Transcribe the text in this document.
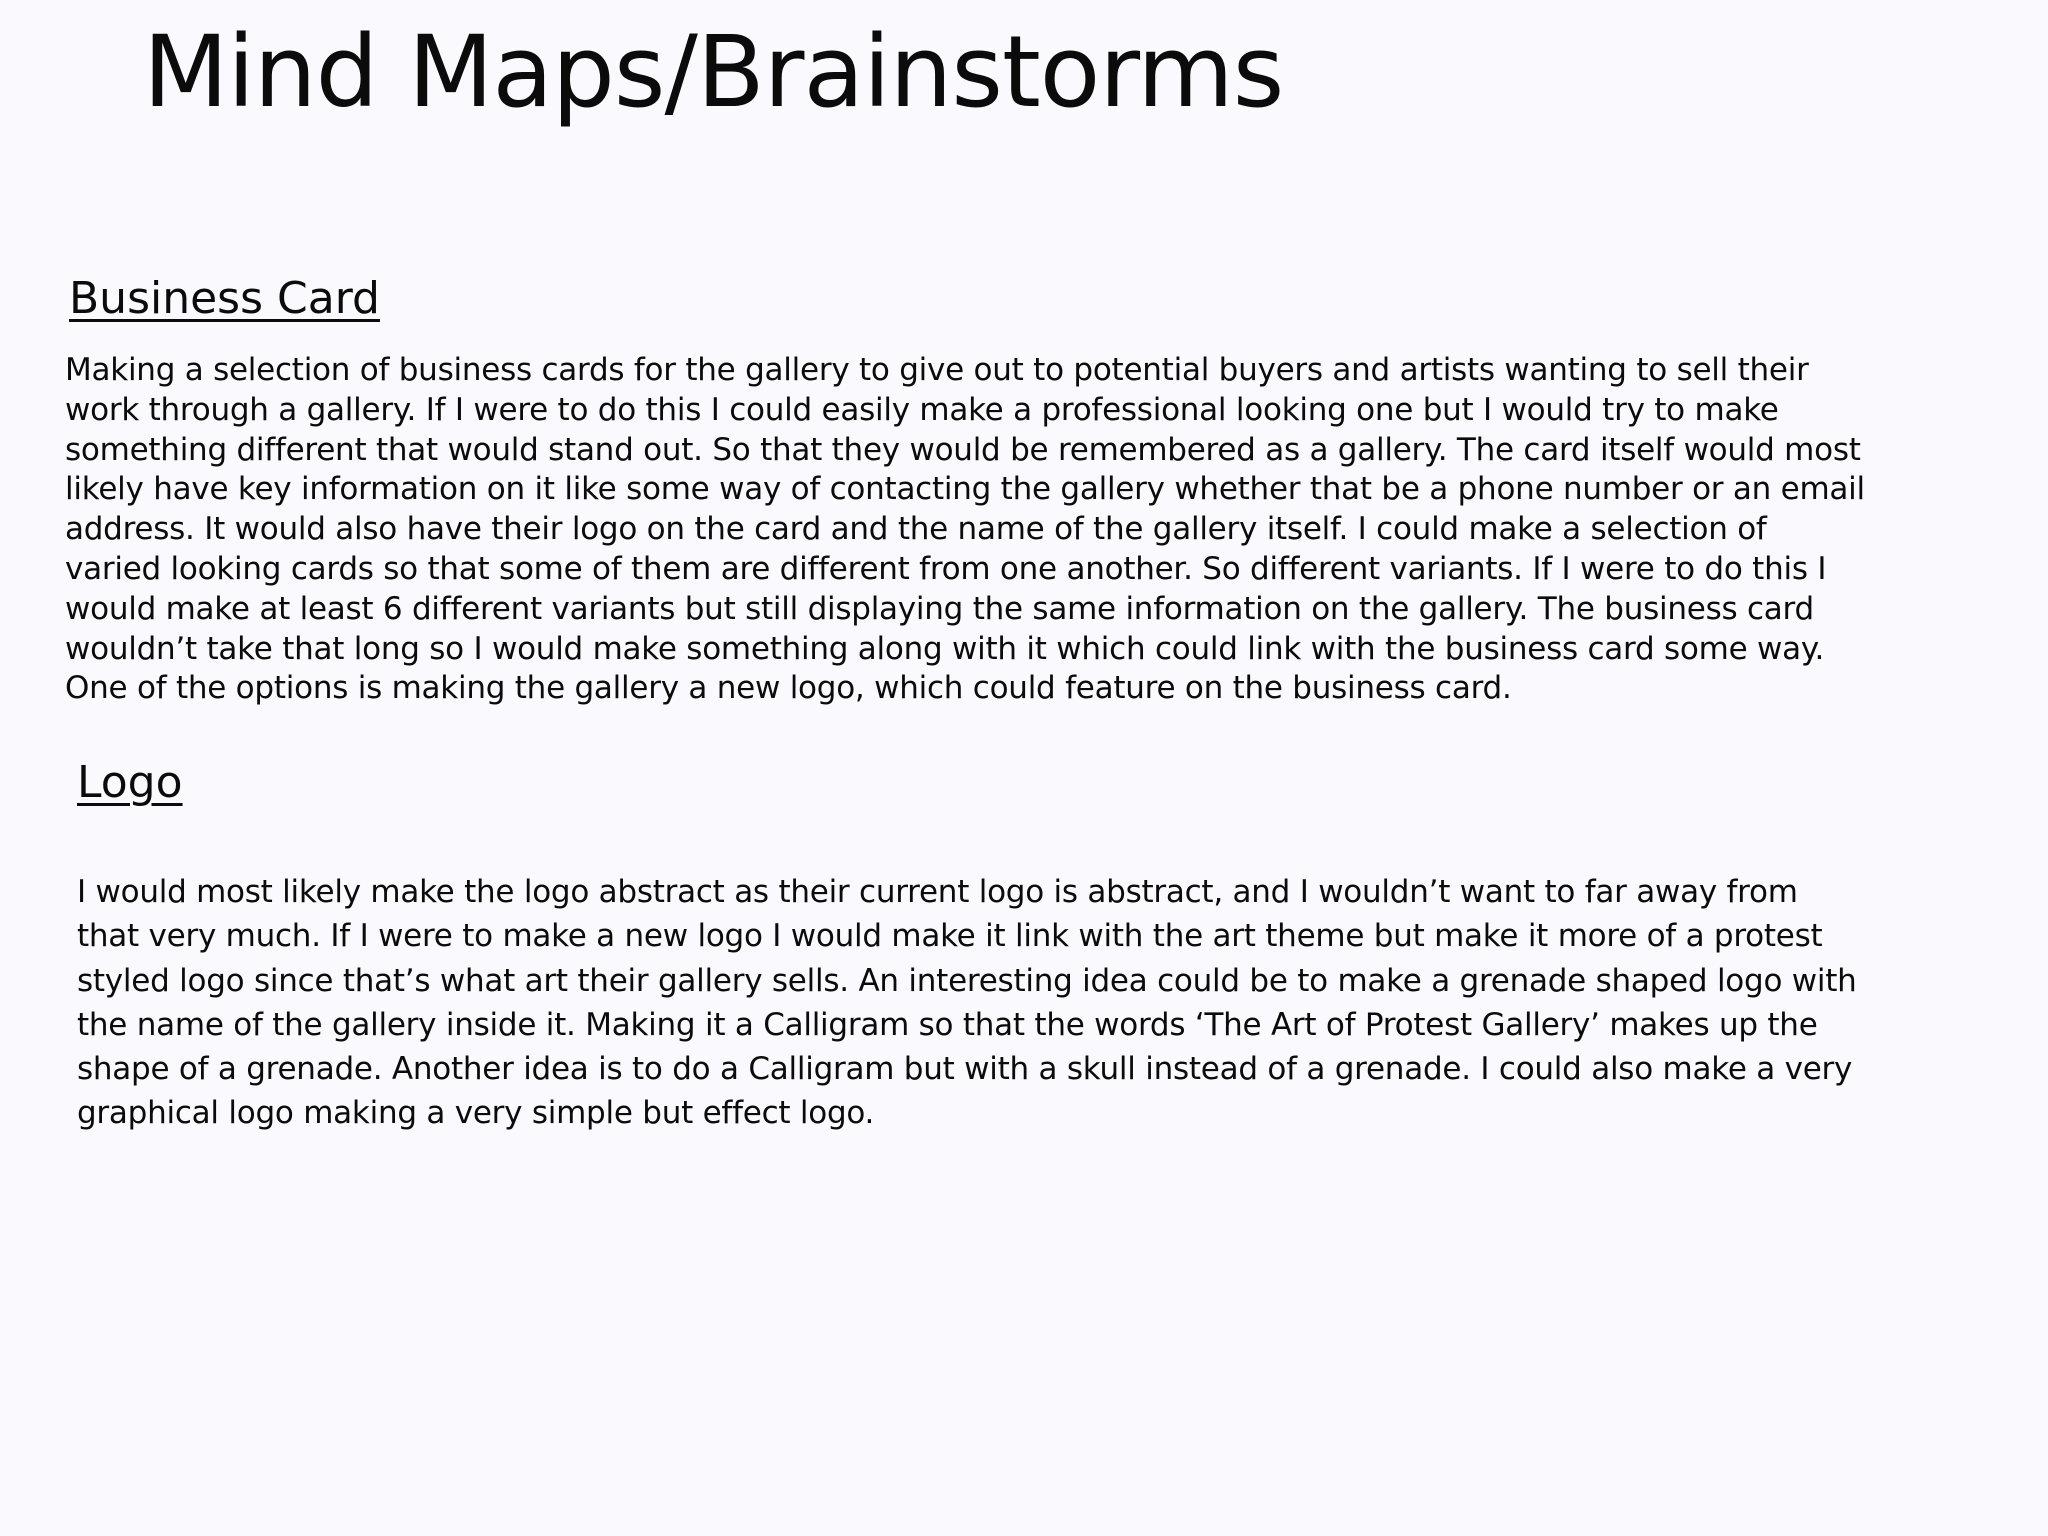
Mind Maps/Brainstorms
Business Card

Making a selection of business cards for the gallery to give out to potential buyers and artists wanting to sell their
work through a gallery. If I were to do this I could easily make a professional looking one but I would try to make
something different that would stand out. So that they would be remembered as a gallery. The card itself would most
likely have key information on it like some way of contacting the gallery whether that be a phone number or an email
address. It would also have their logo on the card and the name of the gallery itself. I could make a selection of
varied looking cards so that some of them are different from one another. So different variants. If I were to do this I
would make at least 6 different variants but still displaying the same information on the gallery. The business card
wouldn’t take that long so I would make something along with it which could link with the business card some way.
One of the options is making the gallery a new logo, which could feature on the business card.

Logo

I would most likely make the logo abstract as their current logo is abstract, and I wouldn’t want to far away from
that very much. If I were to make a new logo I would make it link with the art theme but make it more of a protest
styled logo since that’s what art their gallery sells. An interesting idea could be to make a grenade shaped logo with
the name of the gallery inside it. Making it a Calligram so that the words ‘The Art of Protest Gallery’ makes up the
shape of a grenade. Another idea is to do a Calligram but with a skull instead of a grenade. I could also make a very
graphical logo making a very simple but effect logo.
